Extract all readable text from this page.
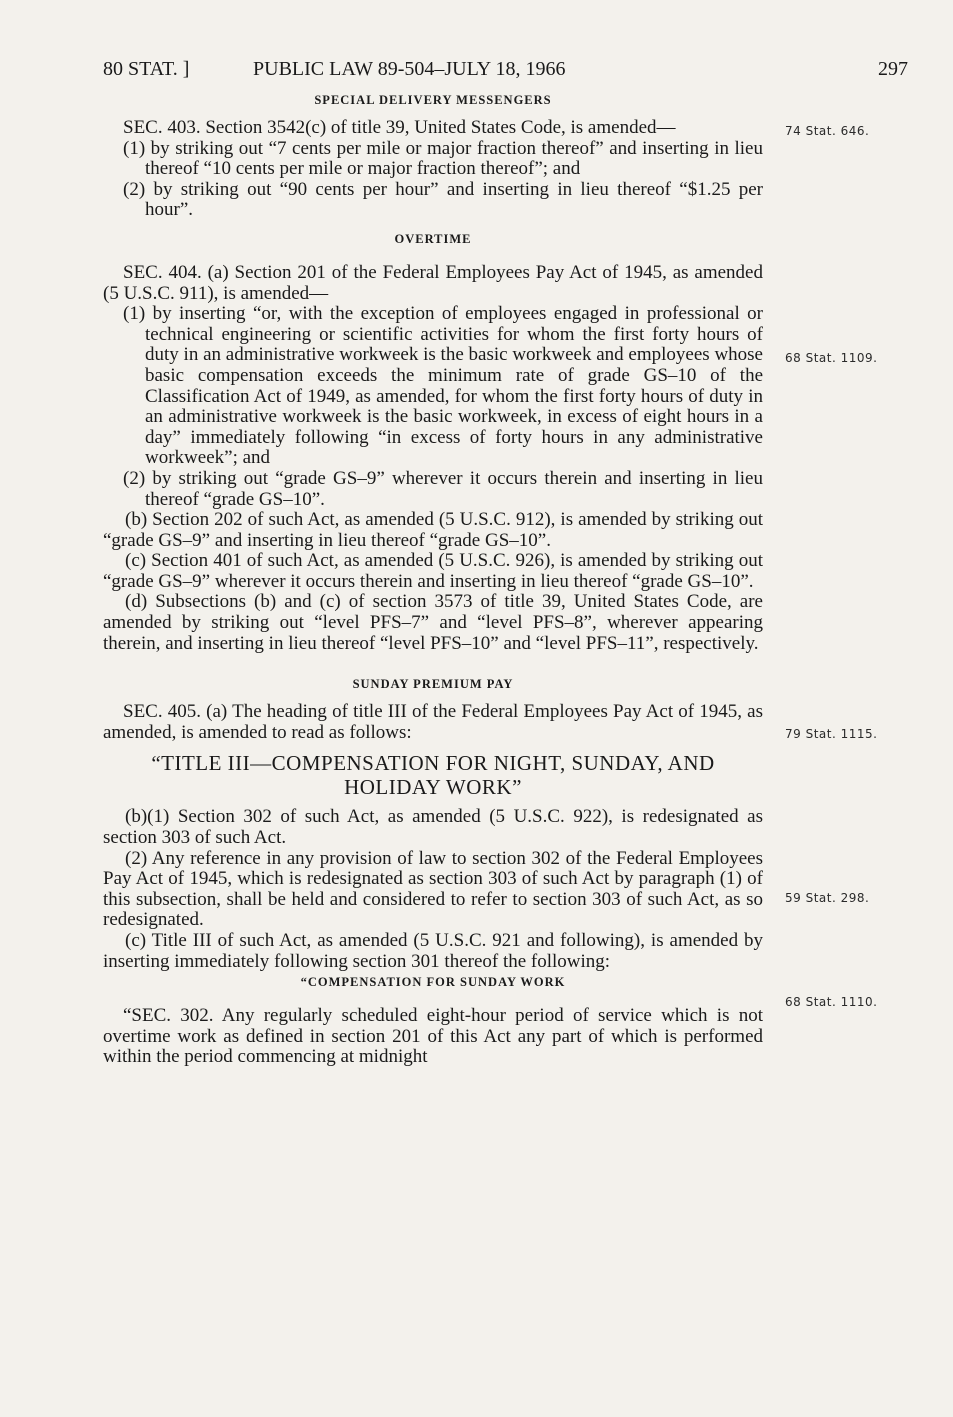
80 STAT. ]	PUBLIC LAW 89-504–JULY 18, 1966	297

SPECIAL DELIVERY MESSENGERS

SEC. 403. Section 3542(c) of title 39, United States Code, is amended—

(1) by striking out “7 cents per mile or major fraction thereof” and inserting in lieu thereof “10 cents per mile or major fraction thereof”; and

(2) by striking out “90 cents per hour” and inserting in lieu thereof “$1.25 per hour”.

OVERTIME

SEC. 404. (a) Section 201 of the Federal Employees Pay Act of 1945, as amended (5 U.S.C. 911), is amended—

(1) by inserting “or, with the exception of employees engaged in professional or technical engineering or scientific activities for whom the first forty hours of duty in an administrative workweek is the basic workweek and employees whose basic compensation exceeds the minimum rate of grade GS–10 of the Classification Act of 1949, as amended, for whom the first forty hours of duty in an administrative workweek is the basic workweek, in excess of eight hours in a day” immediately following “in excess of forty hours in any administrative workweek”; and

(2) by striking out “grade GS–9” wherever it occurs therein and inserting in lieu thereof “grade GS–10”.

(b) Section 202 of such Act, as amended (5 U.S.C. 912), is amended by striking out “grade GS–9” and inserting in lieu thereof “grade GS–10”.

(c) Section 401 of such Act, as amended (5 U.S.C. 926), is amended by striking out “grade GS–9” wherever it occurs therein and inserting in lieu thereof “grade GS–10”.

(d) Subsections (b) and (c) of section 3573 of title 39, United States Code, are amended by striking out “level PFS–7” and “level PFS–8”, wherever appearing therein, and inserting in lieu thereof “level PFS–10” and “level PFS–11”, respectively.

SUNDAY PREMIUM PAY

SEC. 405. (a) The heading of title III of the Federal Employees Pay Act of 1945, as amended, is amended to read as follows:

“TITLE III—COMPENSATION FOR NIGHT, SUNDAY, AND HOLIDAY WORK”

(b)(1) Section 302 of such Act, as amended (5 U.S.C. 922), is redesignated as section 303 of such Act.

(2) Any reference in any provision of law to section 302 of the Federal Employees Pay Act of 1945, which is redesignated as section 303 of such Act by paragraph (1) of this subsection, shall be held and considered to refer to section 303 of such Act, as so redesignated.

(c) Title III of such Act, as amended (5 U.S.C. 921 and following), is amended by inserting immediately following section 301 thereof the following:

“COMPENSATION FOR SUNDAY WORK

“SEC. 302. Any regularly scheduled eight-hour period of service which is not overtime work as defined in section 201 of this Act any part of which is performed within the period commencing at midnight

74 Stat. 646.
68 Stat. 1109.
79 Stat. 1115.
59 Stat. 298.
68 Stat. 1110.
